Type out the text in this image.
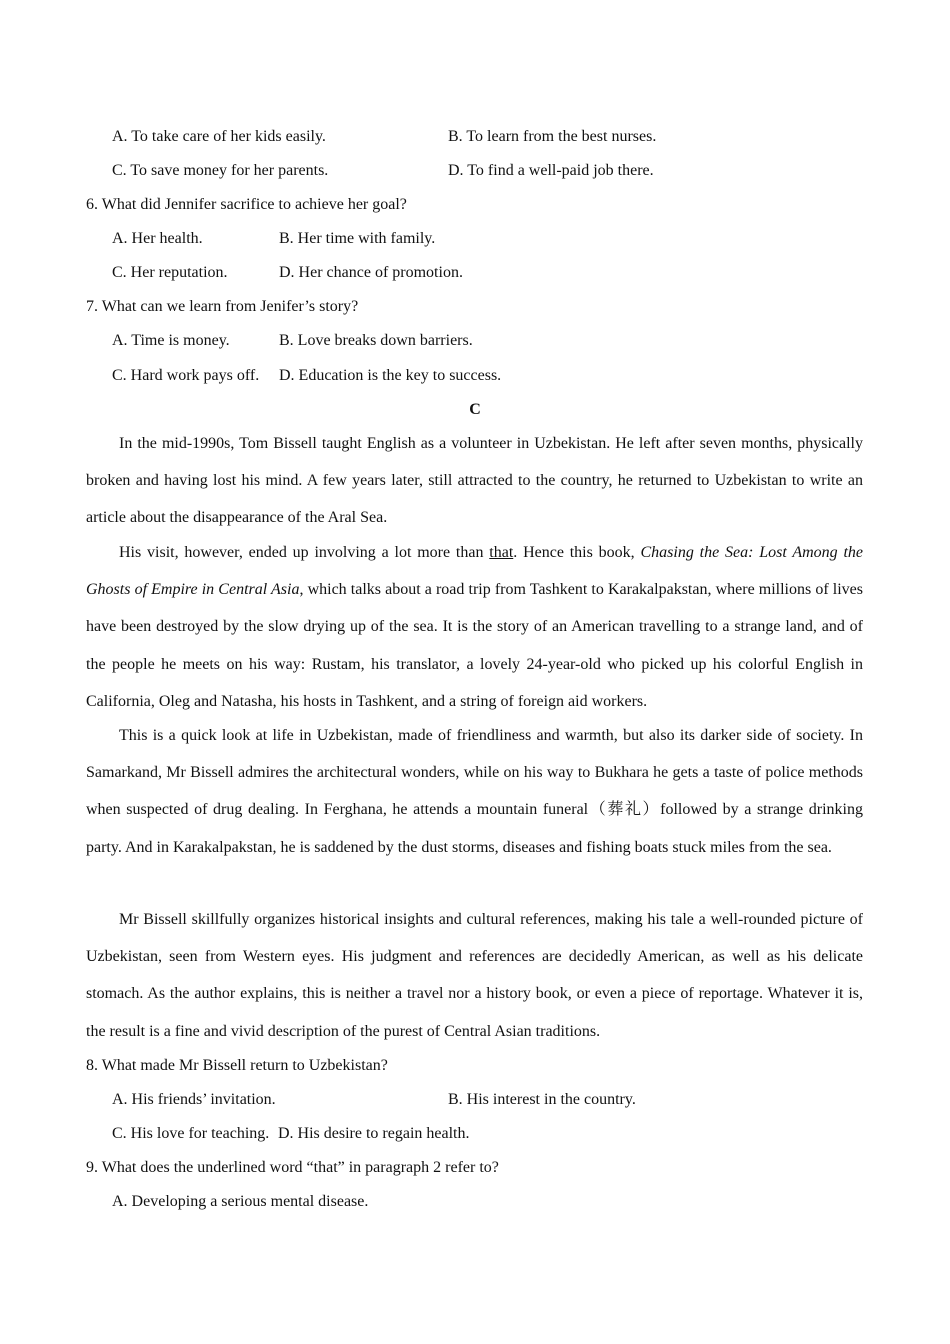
A. To take care of her kids easily.	B. To learn from the best nurses.
C. To save money for her parents.	D. To find a well-paid job there.
6. What did Jennifer sacrifice to achieve her goal?
A. Her health.	B. Her time with family.
C. Her reputation.	D. Her chance of promotion.
7. What can we learn from Jenifer’s story?
A. Time is money.	B. Love breaks down barriers.
C. Hard work pays off. D. Education is the key to success.
C
In the mid-1990s, Tom Bissell taught English as a volunteer in Uzbekistan. He left after seven months, physically broken and having lost his mind. A few years later, still attracted to the country, he returned to Uzbekistan to write an article about the disappearance of the Aral Sea.
His visit, however, ended up involving a lot more than that. Hence this book, Chasing the Sea: Lost Among the Ghosts of Empire in Central Asia, which talks about a road trip from Tashkent to Karakalpakstan, where millions of lives have been destroyed by the slow drying up of the sea. It is the story of an American travelling to a strange land, and of the people he meets on his way: Rustam, his translator, a lovely 24-year-old who picked up his colorful English in California, Oleg and Natasha, his hosts in Tashkent, and a string of foreign aid workers.
This is a quick look at life in Uzbekistan, made of friendliness and warmth, but also its darker side of society. In Samarkand, Mr Bissell admires the architectural wonders, while on his way to Bukhara he gets a taste of police methods when suspected of drug dealing. In Ferghana, he attends a mountain funeral（葬礼）followed by a strange drinking party. And in Karakalpakstan, he is saddened by the dust storms, diseases and fishing boats stuck miles from the sea.
Mr Bissell skillfully organizes historical insights and cultural references, making his tale a well-rounded picture of Uzbekistan, seen from Western eyes. His judgment and references are decidedly American, as well as his delicate stomach. As the author explains, this is neither a travel nor a history book, or even a piece of reportage. Whatever it is, the result is a fine and vivid description of the purest of Central Asian traditions.
8. What made Mr Bissell return to Uzbekistan?
A. His friends’ invitation.	B. His interest in the country.
C. His love for teaching. D. His desire to regain health.
9. What does the underlined word “that” in paragraph 2 refer to?
A. Developing a serious mental disease.
